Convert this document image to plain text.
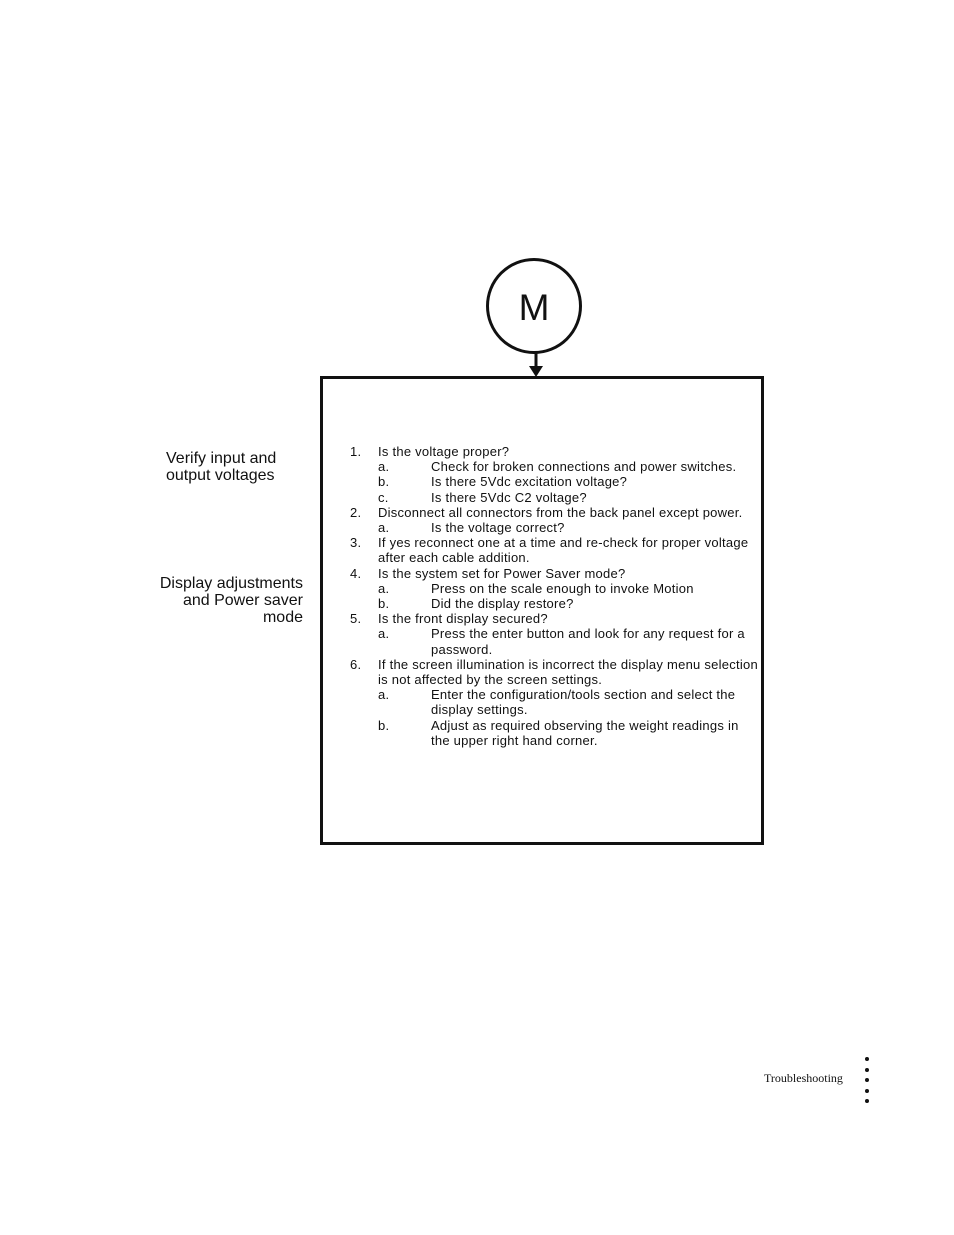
M
Verify input and output voltages
Display adjustments and Power saver mode
1.	Is the voltage proper?
a.	Check for broken connections and power switches.
b.	Is there 5Vdc excitation voltage?
c.	Is there 5Vdc C2 voltage?
2.	Disconnect all connectors from the back panel except power.
a.	Is the voltage correct?
3.	If yes reconnect one at a time and re-check for proper voltage after each cable addition.
4.	Is the system set for Power Saver mode?
a.	Press on the scale enough to invoke Motion
b.	Did the display restore?
5.	Is the front display secured?
a.	Press the enter button and look for any request for a password.
6.	If the screen illumination is incorrect the display menu selection is not affected by the screen settings.
a.	Enter the configuration/tools section and select the display settings.
b.	Adjust as required observing the weight readings in the upper right hand corner.
Troubleshooting
